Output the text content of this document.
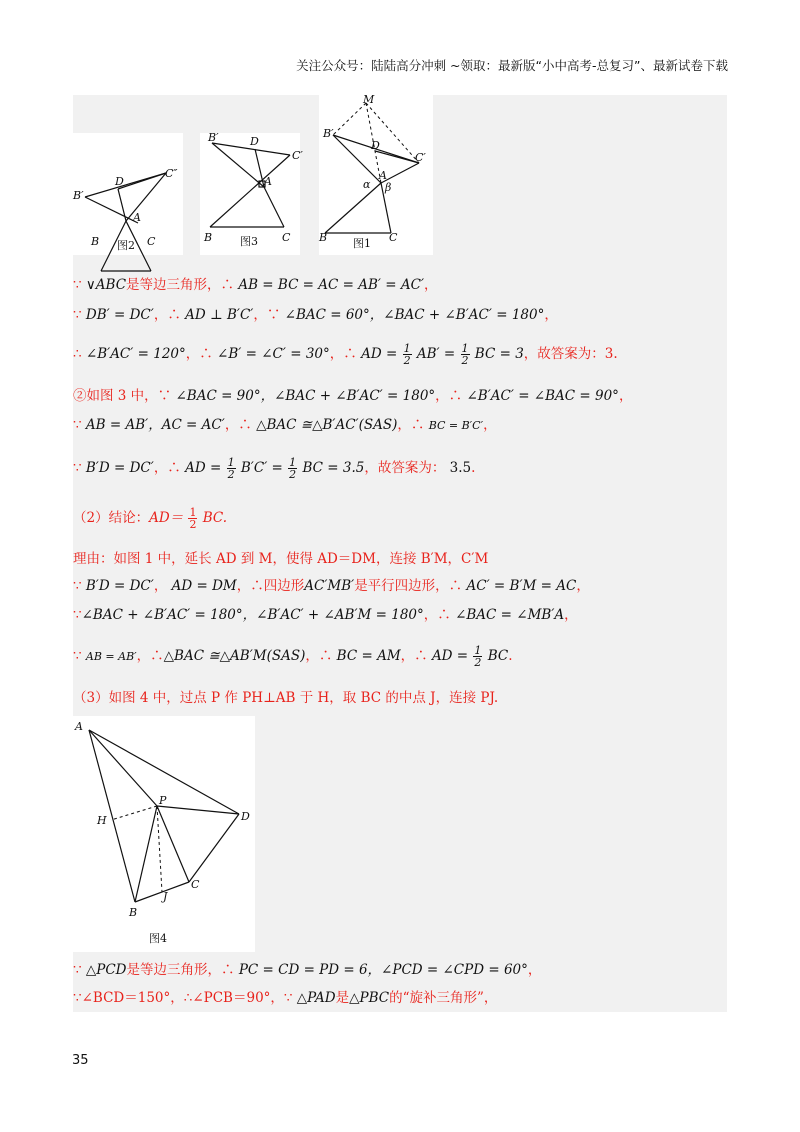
关注公众号：陆陆高分冲刺 ~领取：最新版“小中高考-总复习”、最新试卷下载
B′
D
C″
A
B	C
图2
B′	D
C′
A
B	C
图3
M
B′
D
C′
A
α β
B	C
图1
∵ ∨ABC是等边三角形，∴ AB = BC = AC = AB′ = AC′，
∵ DB′ = DC′，∴ AD ⊥ B′C′，∵ ∠BAC = 60°，∠BAC + ∠B′AC′ = 180°，
∴ ∠B′AC′ = 120°，∴ ∠B′ = ∠C′ = 30°，∴ AD = $\frac{1}{2} AB' = \frac{1}{2}$ BC = 3，故答案为：3.
②如图 3 中，∵ ∠BAC = 90°，∠BAC + ∠B′AC′ = 180°，∴ ∠B′AC′ = ∠BAC = 90°，
∵ AB = AB′，AC = AC′，∴ △BAC ≅△B′AC′(SAS)，∴ BC = B′C′，
∵ B′D = DC′，∴ AD = $\frac{1}{2} B'C' = \frac{1}{2}$ BC = 3.5，故答案为： 3.5.
（2）结论：$AD= \frac{1}{2}$ BC.
理由：如图 1 中，延长 AD 到 M，使得 AD＝DM，连接 B′M，C′M
∵ B′D = DC′， AD = DM，∴四边形AC′MB′是平行四边形，∴ AC′ = B′M = AC，
∵∠BAC + ∠B′AC′ = 180°，∠B′AC′ + ∠AB′M = 180°，∴ ∠BAC = ∠MB′A，
∵ AB = AB′，∴△BAC ≅△AB′M(SAS)，∴ BC = AM，∴ AD = $\frac{1}{2}$ BC.
（3）如图 4 中，过点 P 作 PH⊥AB 于 H，取 BC 的中点 J，连接 PJ.
A
P
D
H
C
J
B
图4
∵ △PCD是等边三角形，∴ PC = CD = PD = 6，∠PCD = ∠CPD = 60°，
∵∠BCD＝150°，∴∠PCB＝90°，∵ △PAD是△PBC的“旋补三角形”，
35
